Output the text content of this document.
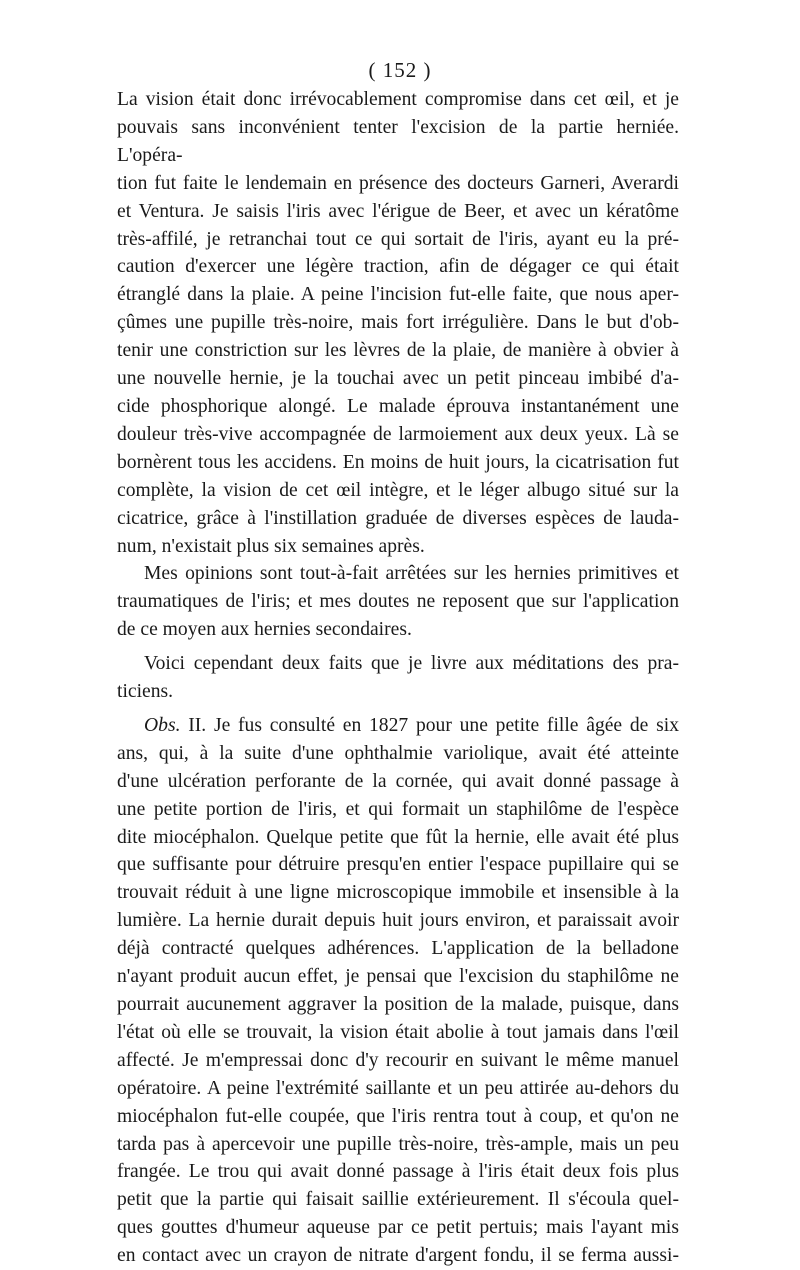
( 152 )

La vision était donc irrévocablement compromise dans cet œil, et je

pouvais sans inconvénient tenter l'excision de la partie herniée. L'opéra-

tion fut faite le lendemain en présence des docteurs Garneri, Averardi

et Ventura. Je saisis l'iris avec l'érigue de Beer, et avec un kératôme

très-affilé, je retranchai tout ce qui sortait de l'iris, ayant eu la pré-

caution d'exercer une légère traction, afin de dégager ce qui était

étranglé dans la plaie. A peine l'incision fut-elle faite, que nous aper-

çûmes une pupille très-noire, mais fort irrégulière. Dans le but d'ob-

tenir une constriction sur les lèvres de la plaie, de manière à obvier à

une nouvelle hernie, je la touchai avec un petit pinceau imbibé d'a-

cide phosphorique alongé. Le malade éprouva instantanément une

douleur très-vive accompagnée de larmoiement aux deux yeux. Là se

bornèrent tous les accidens. En moins de huit jours, la cicatrisation fut

complète, la vision de cet œil intègre, et le léger albugo situé sur la

cicatrice, grâce à l'instillation graduée de diverses espèces de lauda-

num, n'existait plus six semaines après.

Mes opinions sont tout-à-fait arrêtées sur les hernies primitives et

traumatiques de l'iris; et mes doutes ne reposent que sur l'application

de ce moyen aux hernies secondaires.

Voici cependant deux faits que je livre aux méditations des pra-

ticiens.

Obs. II. Je fus consulté en 1827 pour une petite fille âgée de six

ans, qui, à la suite d'une ophthalmie variolique, avait été atteinte

d'une ulcération perforante de la cornée, qui avait donné passage à

une petite portion de l'iris, et qui formait un staphilôme de l'espèce

dite miocéphalon. Quelque petite que fût la hernie, elle avait été plus

que suffisante pour détruire presqu'en entier l'espace pupillaire qui se

trouvait réduit à une ligne microscopique immobile et insensible à la

lumière. La hernie durait depuis huit jours environ, et paraissait avoir

déjà contracté quelques adhérences. L'application de la belladone

n'ayant produit aucun effet, je pensai que l'excision du staphilôme ne

pourrait aucunement aggraver la position de la malade, puisque, dans

l'état où elle se trouvait, la vision était abolie à tout jamais dans l'œil

affecté. Je m'empressai donc d'y recourir en suivant le même manuel

opératoire. A peine l'extrémité saillante et un peu attirée au-dehors du

miocéphalon fut-elle coupée, que l'iris rentra tout à coup, et qu'on ne

tarda pas à apercevoir une pupille très-noire, très-ample, mais un peu

frangée. Le trou qui avait donné passage à l'iris était deux fois plus

petit que la partie qui faisait saillie extérieurement. Il s'écoula quel-

ques gouttes d'humeur aqueuse par ce petit pertuis; mais l'ayant mis

en contact avec un crayon de nitrate d'argent fondu, il se ferma aussi-
